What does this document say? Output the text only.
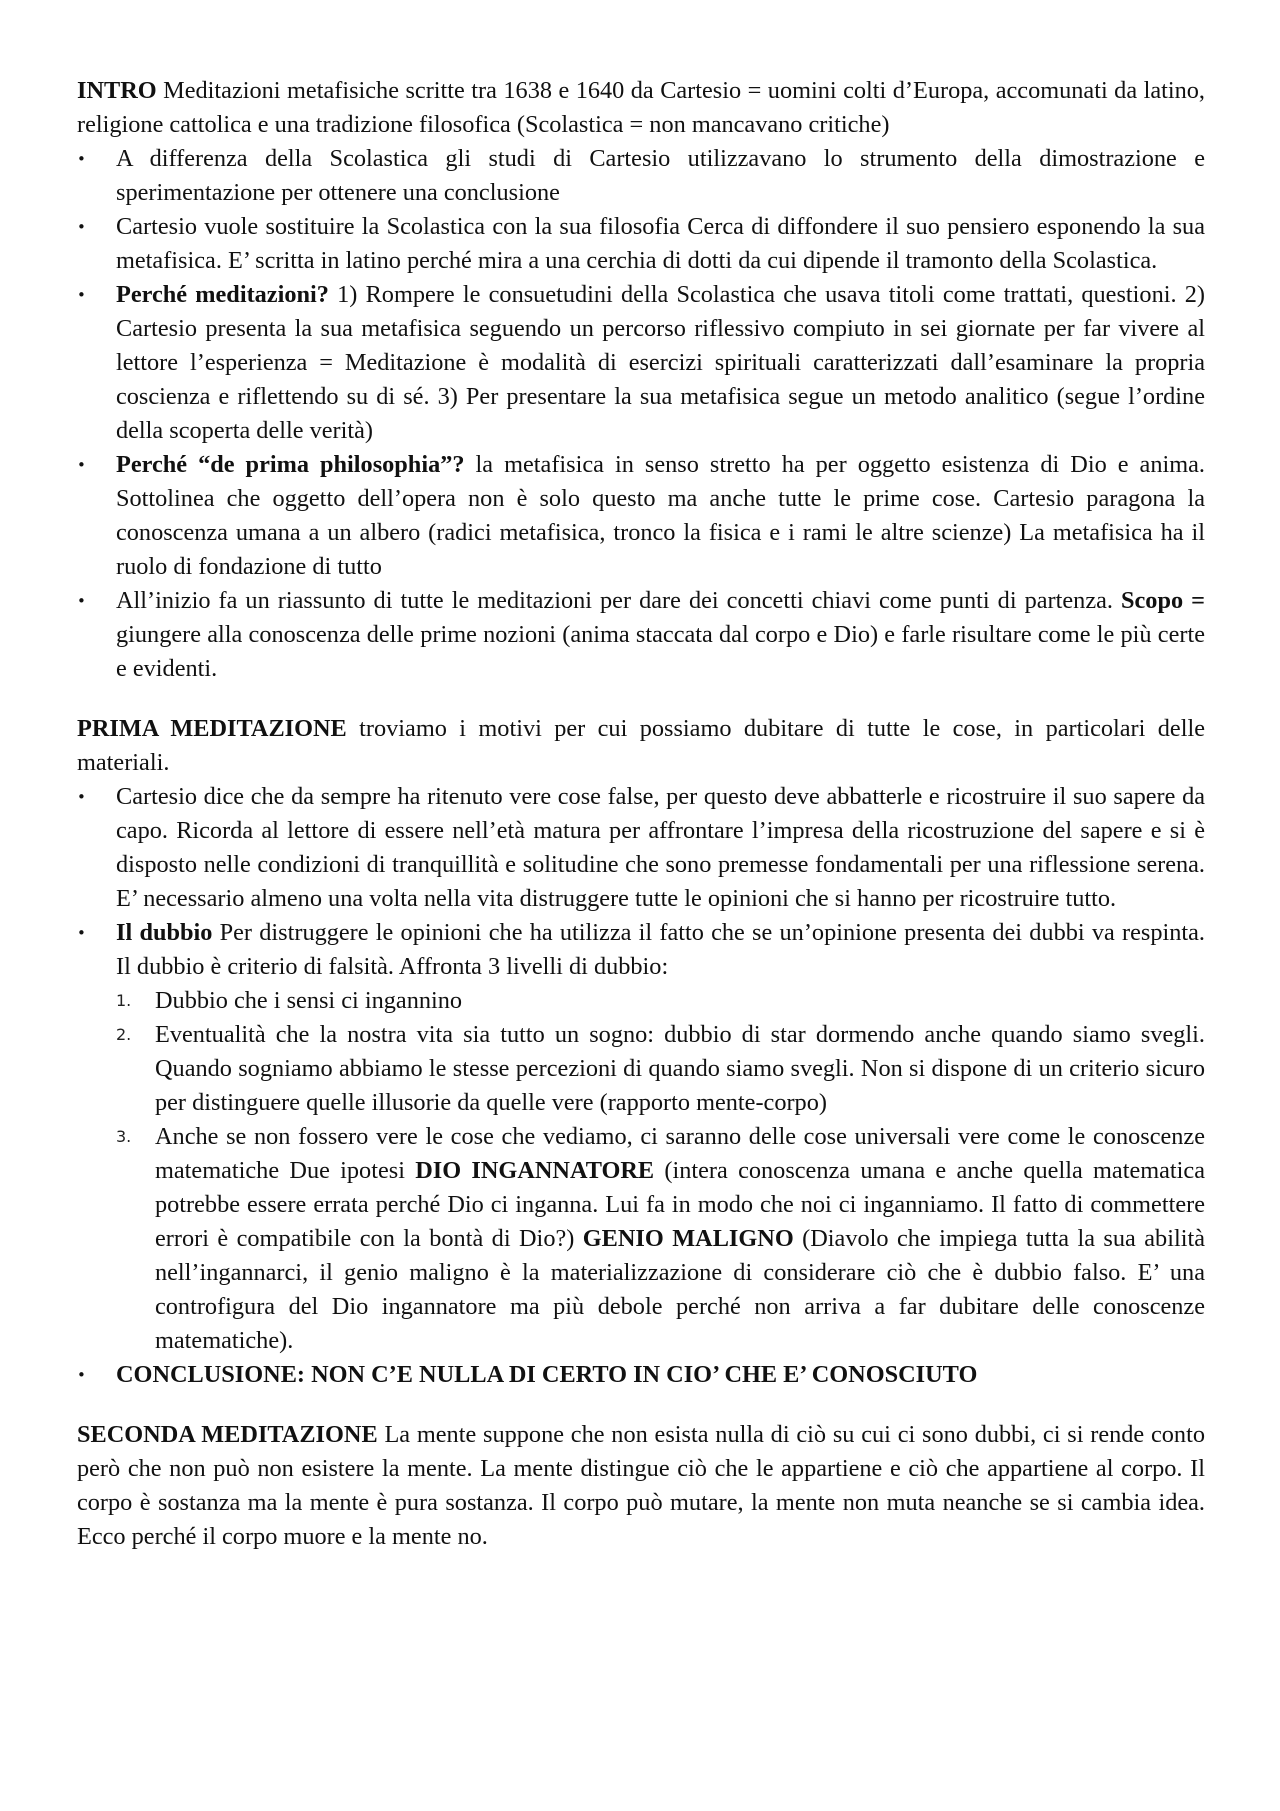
INTRO Meditazioni metafisiche scritte tra 1638 e 1640 da Cartesio = uomini colti d’Europa, accomunati da latino, religione cattolica e una tradizione filosofica (Scolastica = non mancavano critiche)

• A differenza della Scolastica gli studi di Cartesio utilizzavano lo strumento della dimostrazione e sperimentazione per ottenere una conclusione
• Cartesio vuole sostituire la Scolastica con la sua filosofia Cerca di diffondere il suo pensiero esponendo la sua metafisica. E’ scritta in latino perché mira a una cerchia di dotti da cui dipende il tramonto della Scolastica.
• Perché meditazioni? 1) Rompere le consuetudini della Scolastica che usava titoli come trattati, questioni. 2) Cartesio presenta la sua metafisica seguendo un percorso riflessivo compiuto in sei giornate per far vivere al lettore l’esperienza = Meditazione è modalità di esercizi spirituali caratterizzati dall’esaminare la propria coscienza e riflettendo su di sé. 3) Per presentare la sua metafisica segue un metodo analitico (segue l’ordine della scoperta delle verità)
• Perché “de prima philosophia”? la metafisica in senso stretto ha per oggetto esistenza di Dio e anima. Sottolinea che oggetto dell’opera non è solo questo ma anche tutte le prime cose. Cartesio paragona la conoscenza umana a un albero (radici metafisica, tronco la fisica e i rami le altre scienze) La metafisica ha il ruolo di fondazione di tutto
• All’inizio fa un riassunto di tutte le meditazioni per dare dei concetti chiavi come punti di partenza. Scopo = giungere alla conoscenza delle prime nozioni (anima staccata dal corpo e Dio) e farle risultare come le più certe e evidenti.

PRIMA MEDITAZIONE troviamo i motivi per cui possiamo dubitare di tutte le cose, in particolari delle materiali.

• Cartesio dice che da sempre ha ritenuto vere cose false, per questo deve abbatterle e ricostruire il suo sapere da capo. Ricorda al lettore di essere nell’età matura per affrontare l’impresa della ricostruzione del sapere e si è disposto nelle condizioni di tranquillità e solitudine che sono premesse fondamentali per una riflessione serena. E’ necessario almeno una volta nella vita distruggere tutte le opinioni che si hanno per ricostruire tutto.
• Il dubbio Per distruggere le opinioni che ha utilizza il fatto che se un’opinione presenta dei dubbi va respinta. Il dubbio è criterio di falsità. Affronta 3 livelli di dubbio:
1. Dubbio che i sensi ci ingannino
2. Eventualità che la nostra vita sia tutto un sogno: dubbio di star dormendo anche quando siamo svegli. Quando sogniamo abbiamo le stesse percezioni di quando siamo svegli. Non si dispone di un criterio sicuro per distinguere quelle illusorie da quelle vere (rapporto mente-corpo)
3. Anche se non fossero vere le cose che vediamo, ci saranno delle cose universali vere come le conoscenze matematiche Due ipotesi DIO INGANNATORE (intera conoscenza umana e anche quella matematica potrebbe essere errata perché Dio ci inganna. Lui fa in modo che noi ci inganniamo. Il fatto di commettere errori è compatibile con la bontà di Dio?) GENIO MALIGNO (Diavolo che impiega tutta la sua abilità nell’ingannarci, il genio maligno è la materializzazione di considerare ciò che è dubbio falso. E’ una controfigura del Dio ingannatore ma più debole perché non arriva a far dubitare delle conoscenze matematiche).
• CONCLUSIONE: NON C’E NULLA DI CERTO IN CIO’ CHE E’ CONOSCIUTO

SECONDA MEDITAZIONE La mente suppone che non esista nulla di ciò su cui ci sono dubbi, ci si rende conto però che non può non esistere la mente. La mente distingue ciò che le appartiene e ciò che appartiene al corpo. Il corpo è sostanza ma la mente è pura sostanza. Il corpo può mutare, la mente non muta neanche se si cambia idea. Ecco perché il corpo muore e la mente no.
